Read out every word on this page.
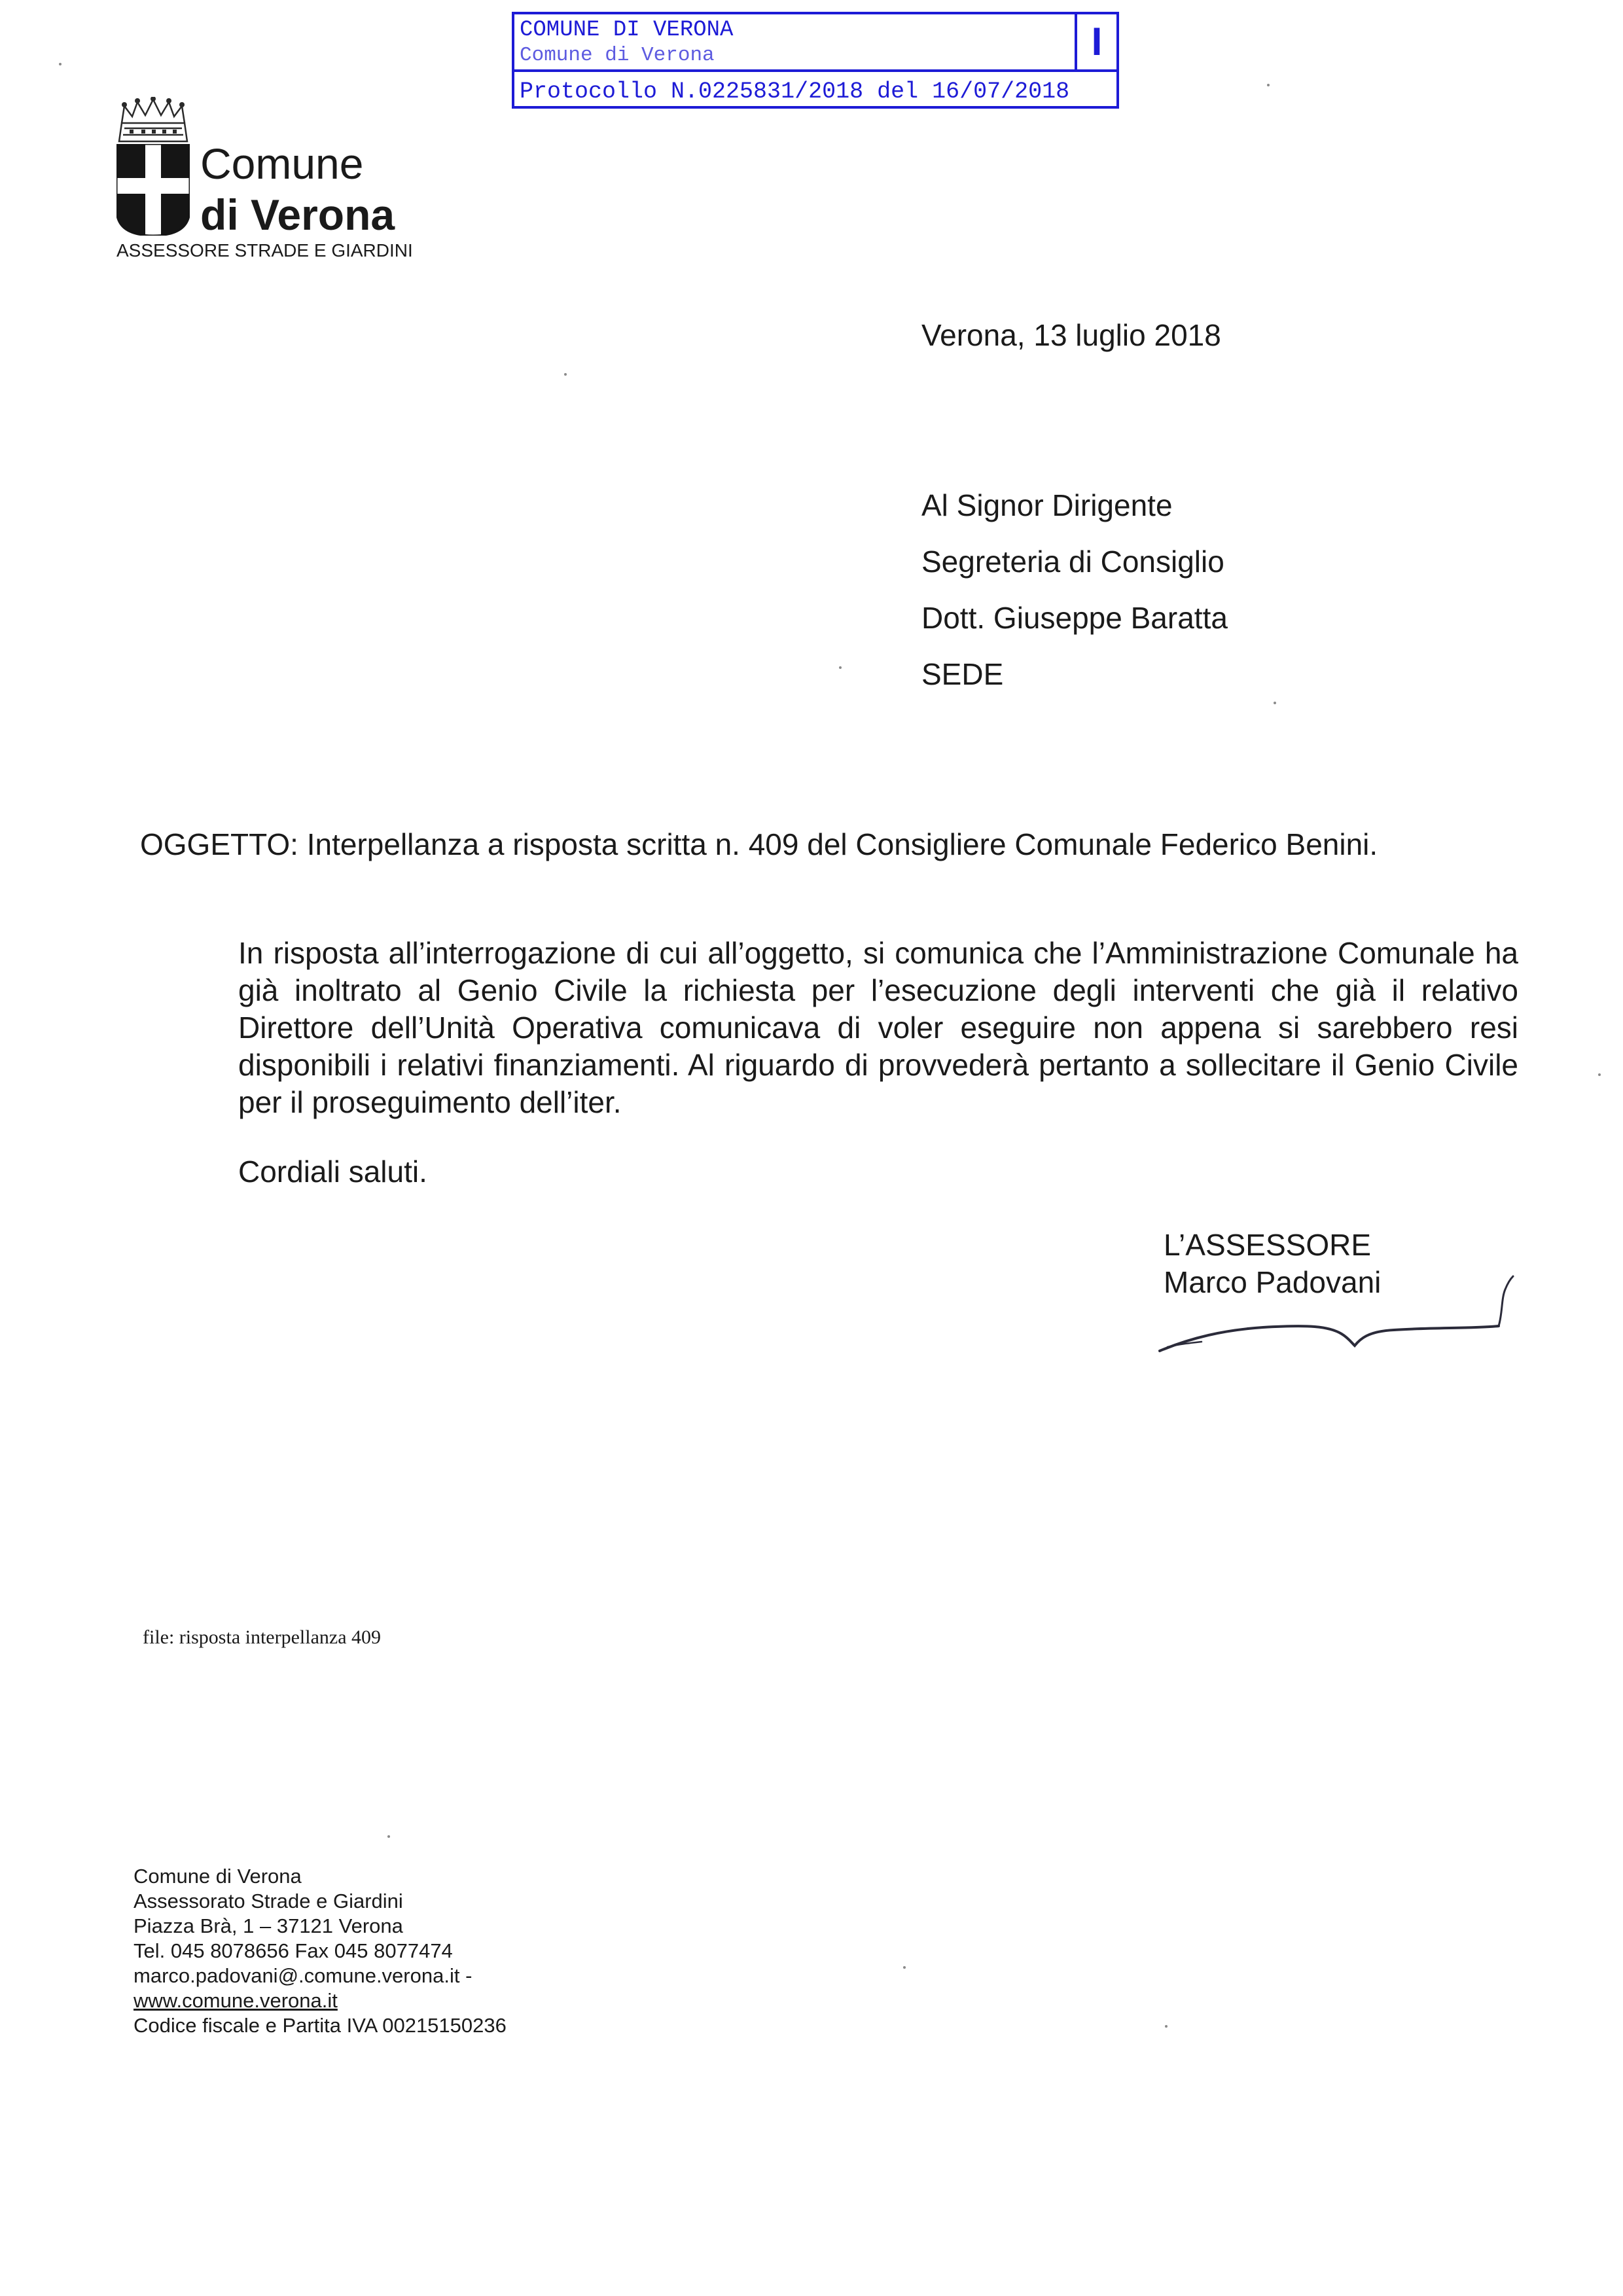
COMUNE DI VERONA
Comune di Verona	I
Protocollo N.0225831/2018 del 16/07/2018
Comune
di Verona
ASSESSORE STRADE E GIARDINI
Verona, 13 luglio 2018
Al Signor Dirigente
Segreteria di Consiglio
Dott. Giuseppe Baratta
SEDE
OGGETTO: Interpellanza a risposta scritta n. 409 del Consigliere Comunale Federico Benini.
In risposta all’interrogazione di cui all’oggetto, si comunica che l’Amministrazione Comunale ha già inoltrato al Genio Civile la richiesta per l’esecuzione degli interventi che già il relativo Direttore dell’Unità Operativa comunicava di voler eseguire non appena si sarebbero resi disponibili i relativi finanziamenti. Al riguardo di provvederà pertanto a sollecitare il Genio Civile per il proseguimento dell’iter.
Cordiali saluti.
L’ASSESSORE
Marco Padovani
file: risposta interpellanza 409
Comune di Verona
Assessorato Strade e Giardini
Piazza Brà, 1 – 37121 Verona
Tel. 045 8078656 Fax 045 8077474
marco.padovani@.comune.verona.it -
www.comune.verona.it
Codice fiscale e Partita IVA 00215150236
